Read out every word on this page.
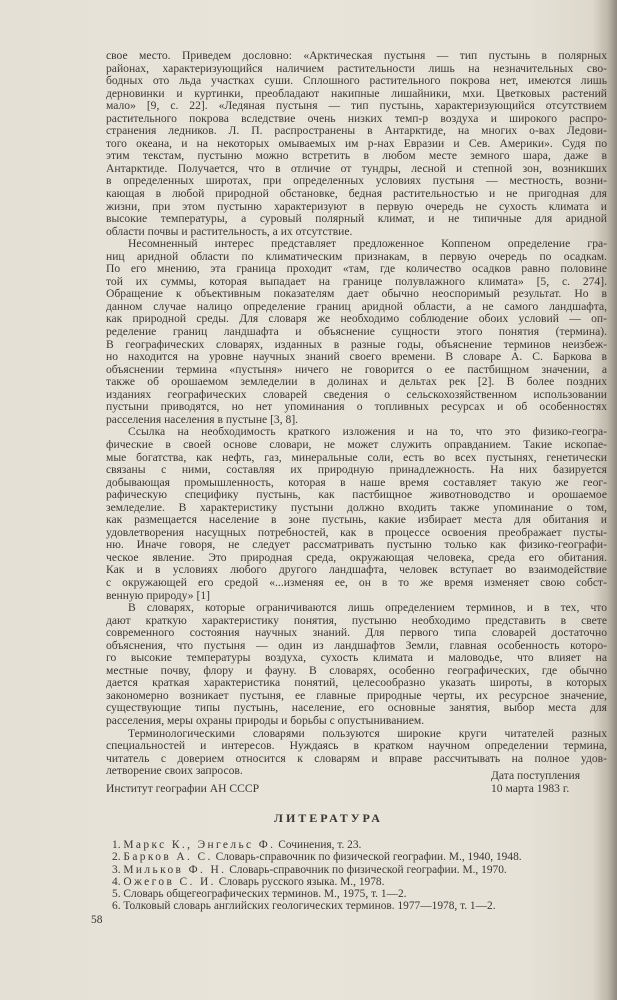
свое место. Приведем дословно: «Арктическая пустыня — тип пустынь в полярных
районах, характеризующийся наличием растительности лишь на незначительных сво-
бодных ото льда участках суши. Сплошного растительного покрова нет, имеются лишь
дерновинки и куртинки, преобладают накипные лишайники, мхи. Цветковых растений
мало» [9, с. 22]. «Ледяная пустыня — тип пустынь, характеризующийся отсутствием
растительного покрова вследствие очень низких темп-р воздуха и широкого распро-
странения ледников. Л. П. распространены в Антарктиде, на многих о-вах Ледови-
того океана, и на некоторых омываемых им р-нах Евразии и Сев. Америки». Судя по
этим текстам, пустыню можно встретить в любом месте земного шара, даже в
Антарктиде. Получается, что в отличие от тундры, лесной и степной зон, возникших
в определенных широтах, при определенных условиях пустыня — местность, возни-
кающая в любой природной обстановке, бедная растительностью и не пригодная для
жизни, при этом пустыню характеризуют в первую очередь не сухость климата и
высокие температуры, а суровый полярный климат, и не типичные для аридной
области почвы и растительность, а их отсутствие.
Несомненный интерес представляет предложенное Коппеном определение гра-
ниц аридной области по климатическим признакам, в первую очередь по осадкам.
По его мнению, эта граница проходит «там, где количество осадков равно половине
той их суммы, которая выпадает на границе полувлажного климата» [5, с. 274].
Обращение к объективным показателям дает обычно неоспоримый результат. Но в
данном случае налицо определение границ аридной области, а не самого ландшафта,
как природной среды. Для словаря же необходимо соблюдение обоих условий — оп-
ределение границ ландшафта и объяснение сущности этого понятия (термина).
В географических словарях, изданных в разные годы, объяснение терминов неизбеж-
но находится на уровне научных знаний своего времени. В словаре А. С. Баркова в
объяснении термина «пустыня» ничего не говорится о ее пастбищном значении, а
также об орошаемом земледелии в долинах и дельтах рек [2]. В более поздних
изданиях географических словарей сведения о сельскохозяйственном использовании
пустыни приводятся, но нет упоминания о топливных ресурсах и об особенностях
расселения населения в пустыне [3, 8].
Ссылка на необходимость краткого изложения и на то, что это физико-геогра-
фические в своей основе словари, не может служить оправданием. Такие ископае-
мые богатства, как нефть, газ, минеральные соли, есть во всех пустынях, генетически
связаны с ними, составляя их природную принадлежность. На них базируется
добывающая промышленность, которая в наше время составляет такую же геог-
рафическую специфику пустынь, как пастбищное животноводство и орошаемое
земледелие. В характеристику пустыни должно входить также упоминание о том,
как размещается население в зоне пустынь, какие избирает места для обитания и
удовлетворения насущных потребностей, как в процессе освоения преображает пусты-
ню. Иначе говоря, не следует рассматривать пустыню только как физико-географи-
ческое явление. Это природная среда, окружающая человека, среда его обитания.
Как и в условиях любого другого ландшафта, человек вступает во взаимодействие
с окружающей его средой «...изменяя ее, он в то же время изменяет свою собст-
венную природу» [1]
В словарях, которые ограничиваются лишь определением терминов, и в тех, что
дают краткую характеристику понятия, пустыню необходимо представить в свете
современного состояния научных знаний. Для первого типа словарей достаточно
объяснения, что пустыня — один из ландшафтов Земли, главная особенность которо-
го высокие температуры воздуха, сухость климата и маловодье, что влияет на
местные почву, флору и фауну. В словарях, особенно географических, где обычно
дается краткая характеристика понятий, целесообразно указать широты, в которых
закономерно возникает пустыня, ее главные природные черты, их ресурсное значение,
существующие типы пустынь, население, его основные занятия, выбор места для
расселения, меры охраны природы и борьбы с опустыниванием.
Терминологическими словарями пользуются широкие круги читателей разных
специальностей и интересов. Нуждаясь в кратком научном определении термина,
читатель с доверием относится к словарям и вправе рассчитывать на полное удов-
летворение своих запросов.
Институт географии АН СССР
Дата поступления
10 марта 1983 г.
ЛИТЕРАТУРА
1. Маркс К., Энгельс Ф. Сочинения, т. 23.
2. Барков А. С. Словарь-справочник по физической географии. М., 1940, 1948.
3. Мильков Ф. Н. Словарь-справочник по физической географии. М., 1970.
4. Ожегов С. И. Словарь русского языка. М., 1978.
5. Словарь общегеографических терминов. М., 1975, т. 1—2.
6. Толковый словарь английских геологических терминов. 1977—1978, т. 1—2.
58
